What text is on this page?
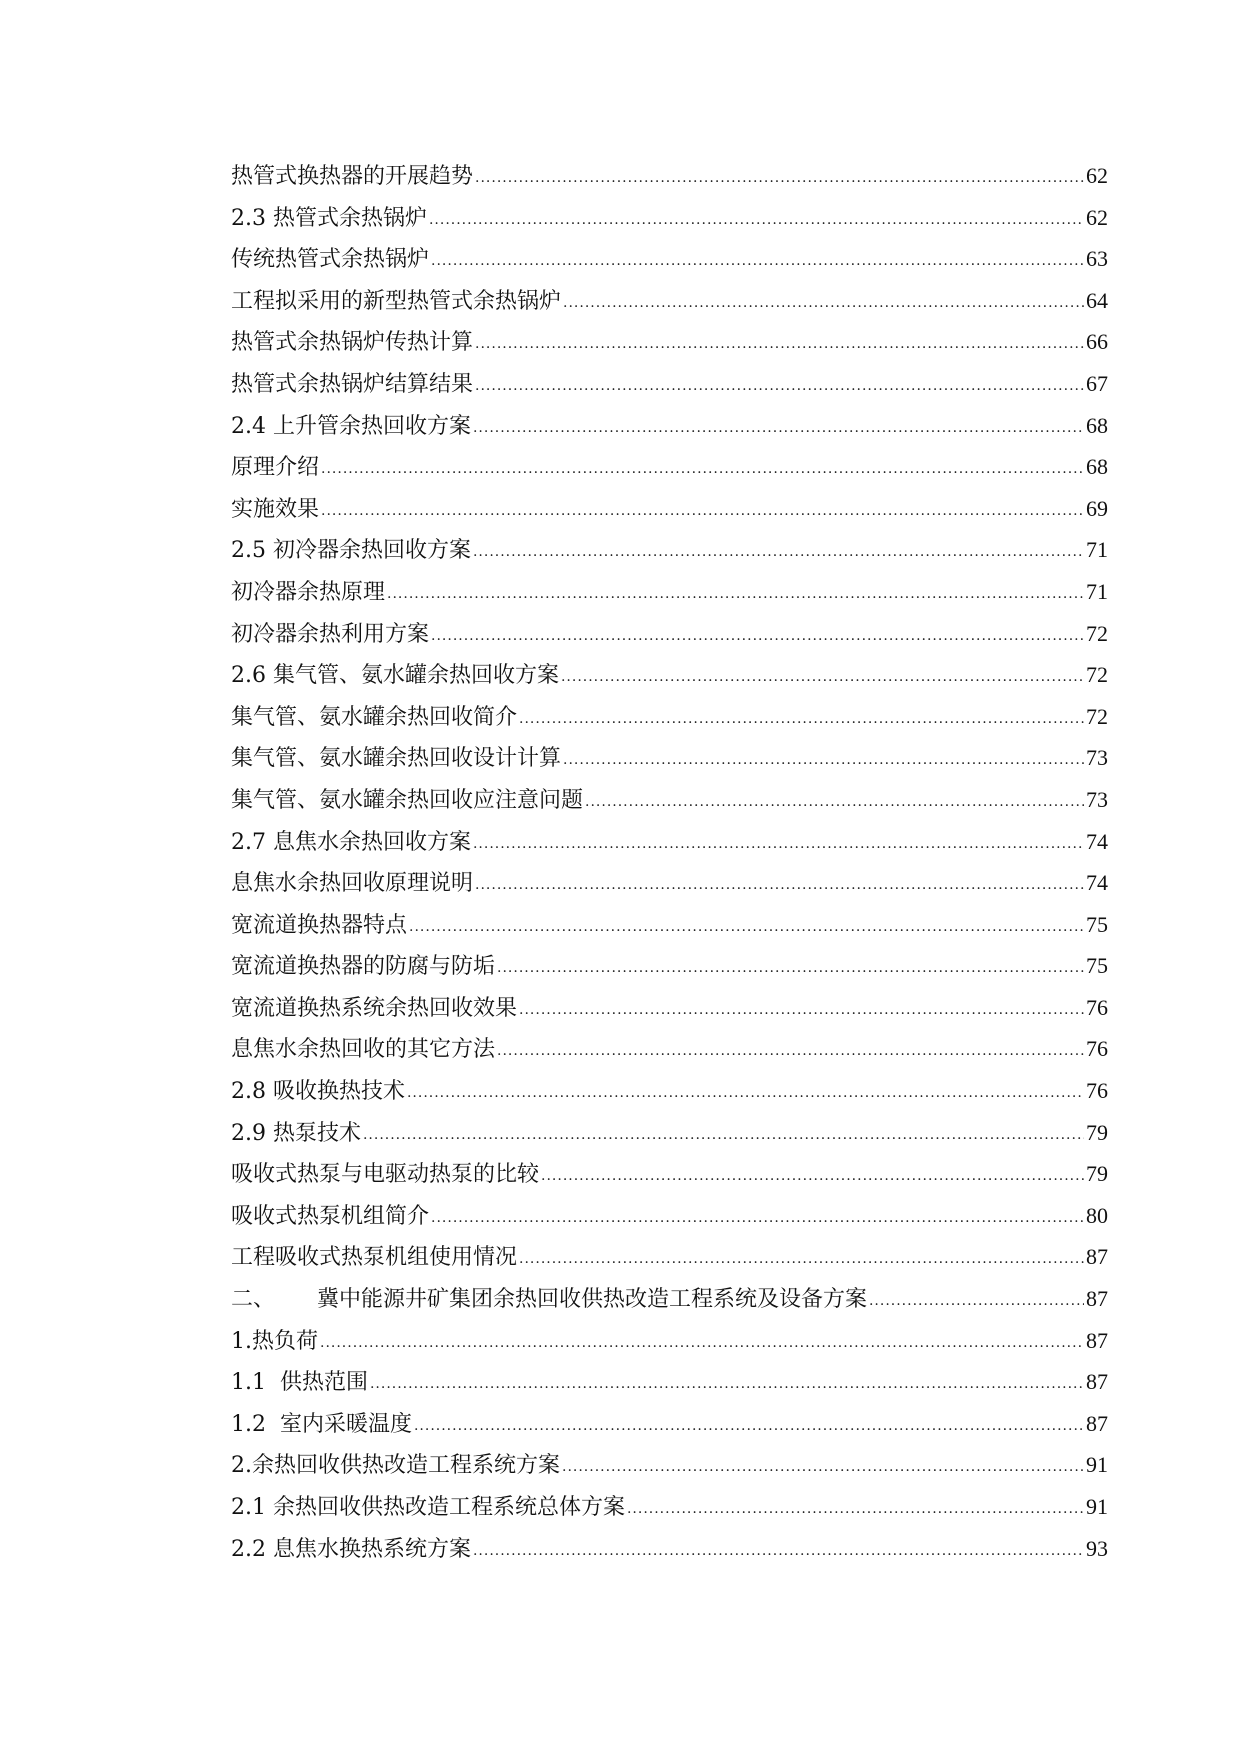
热管式换热器的开展趋势 .....	62
2.3 热管式余热锅炉 .....	62
传统热管式余热锅炉 .....	63
工程拟采用的新型热管式余热锅炉 .....	64
热管式余热锅炉传热计算 .....	66
热管式余热锅炉结算结果 .....	67
2.4 上升管余热回收方案 .....	68
原理介绍 .....	68
实施效果 .....	69
2.5 初冷器余热回收方案 .....	71
初冷器余热原理 .....	71
初冷器余热利用方案 .....	72
2.6 集气管、氨水罐余热回收方案 .....	72
集气管、氨水罐余热回收简介 .....	72
集气管、氨水罐余热回收设计计算 .....	73
集气管、氨水罐余热回收应注意问题 .....	73
2.7 息焦水余热回收方案 .....	74
息焦水余热回收原理说明 .....	74
宽流道换热器特点 .....	75
宽流道换热器的防腐与防垢 .....	75
宽流道换热系统余热回收效果 .....	76
息焦水余热回收的其它方法 .....	76
2.8 吸收换热技术 .....	76
2.9 热泵技术 .....	79
吸收式热泵与电驱动热泵的比较 .....	79
吸收式热泵机组简介 .....	80
工程吸收式热泵机组使用情况 .....	87
二、      冀中能源井矿集团余热回收供热改造工程系统及设备方案 .....	87
1.热负荷 .....	87
1.1  供热范围 .....	87
1.2  室内采暖温度 .....	87
2.余热回收供热改造工程系统方案 .....	91
2.1 余热回收供热改造工程系统总体方案 .....	91
2.2 息焦水换热系统方案 .....	93
